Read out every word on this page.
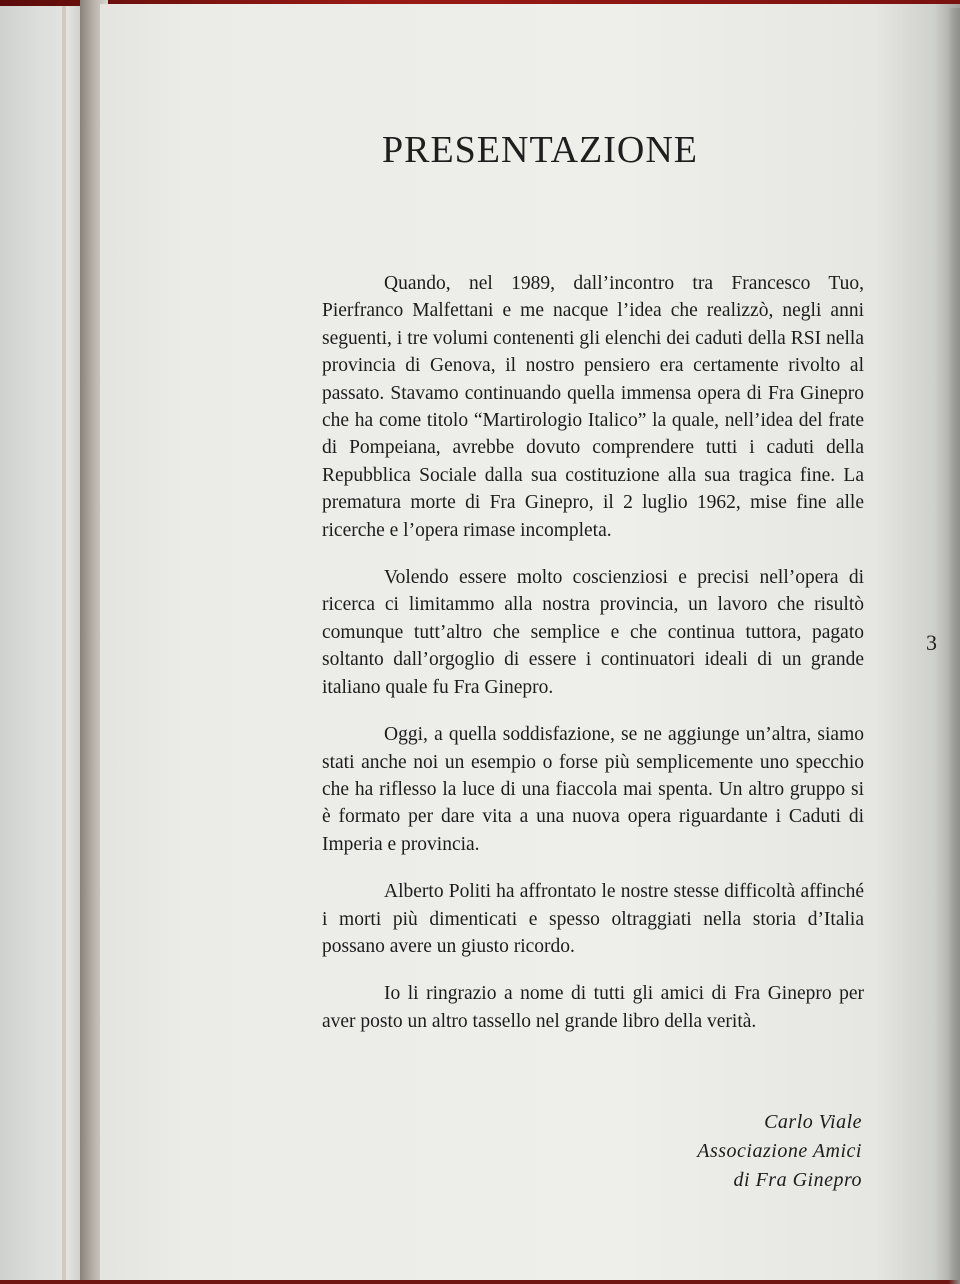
PRESENTAZIONE

Quando, nel 1989, dall’incontro tra Francesco Tuo, Pierfranco Malfettani e me nacque l’idea che realizzò, negli anni seguenti, i tre volumi contenenti gli elenchi dei caduti della RSI nella provincia di Genova, il nostro pensiero era certamente rivolto al passato. Stavamo continuando quella immensa opera di Fra Ginepro che ha come titolo “Martirologio Italico” la quale, nell’idea del frate di Pompeiana, avrebbe dovuto comprendere tutti i caduti della Repubblica Sociale dalla sua costituzione alla sua tragica fine. La prematura morte di Fra Ginepro, il 2 luglio 1962, mise fine alle ricerche e l’opera rimase incompleta.

Volendo essere molto coscienziosi e precisi nell’opera di ricerca ci limitammo alla nostra provincia, un lavoro che risultò comunque tutt’altro che semplice e che continua tuttora, pagato soltanto dall’orgoglio di essere i continuatori ideali di un grande italiano quale fu Fra Ginepro.

Oggi, a quella soddisfazione, se ne aggiunge un’altra, siamo stati anche noi un esempio o forse più semplicemente uno specchio che ha riflesso la luce di una fiaccola mai spenta. Un altro gruppo si è formato per dare vita a una nuova opera riguardante i Caduti di Imperia e provincia.

Alberto Politi ha affrontato le nostre stesse difficoltà affinché i morti più dimenticati e spesso oltraggiati nella storia d’Italia possano avere un giusto ricordo.

Io li ringrazio a nome di tutti gli amici di Fra Ginepro per aver posto un altro tassello nel grande libro della verità.

3
Carlo Viale
Associazione Amici
di Fra Ginepro
